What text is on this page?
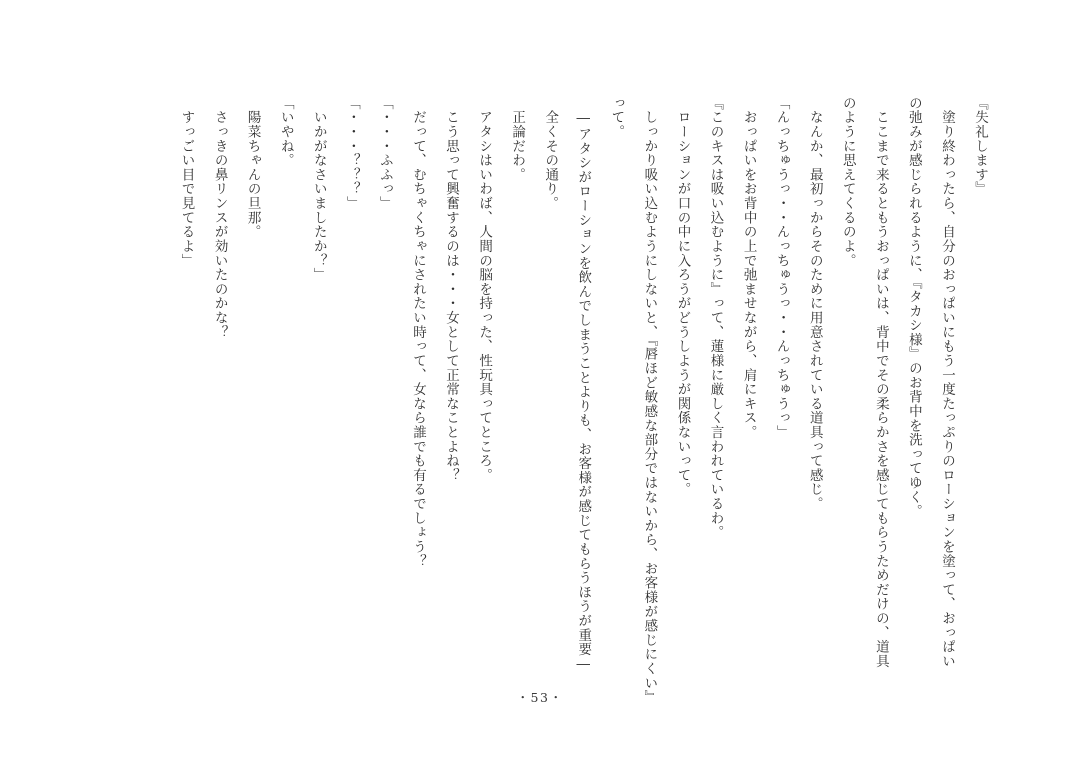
『失礼します』
　塗り終わったら、自分のおっぱいにもう一度たっぷりのローションを塗って、おっぱい
の弛みが感じられるように、『タカシ様』のお背中を洗ってゆく。
　ここまで来るともうおっぱいは、背中でその柔らかさを感じてもらうためだけの、道具
のように思えてくるのよ。
　なんか、最初っからそのために用意されている道具って感じ。
「んっちゅうっ・・んっちゅうっ・・んっちゅうっ」
　おっぱいをお背中の上で弛ませながら、肩にキス。
『このキスは吸い込むように』って、蓮様に厳しく言われているわ。
　ローションが口の中に入ろうがどうしようが関係ないって。
　しっかり吸い込むようにしないと、『唇ほど敏感な部分ではないから、お客様が感じにくい』
って。
　―アタシがローションを飲んでしまうことよりも、お客様が感じてもらうほうが重要―
　全くその通り。
　正論だわ。
　アタシはいわば、人間の脳を持った、性玩具ってところ。
　こう思って興奮するのは・・・女として正常なことよね？
　だって、むちゃくちゃにされたい時って、女なら誰でも有るでしょう？
「・・・ふふっ」
「・・・？？？」
　いかがなさいましたか？」
「いやね。
　陽菜ちゃんの旦那。
　さっきの鼻リンスが効いたのかな？
　すっごい目で見てるよ」
・53・
